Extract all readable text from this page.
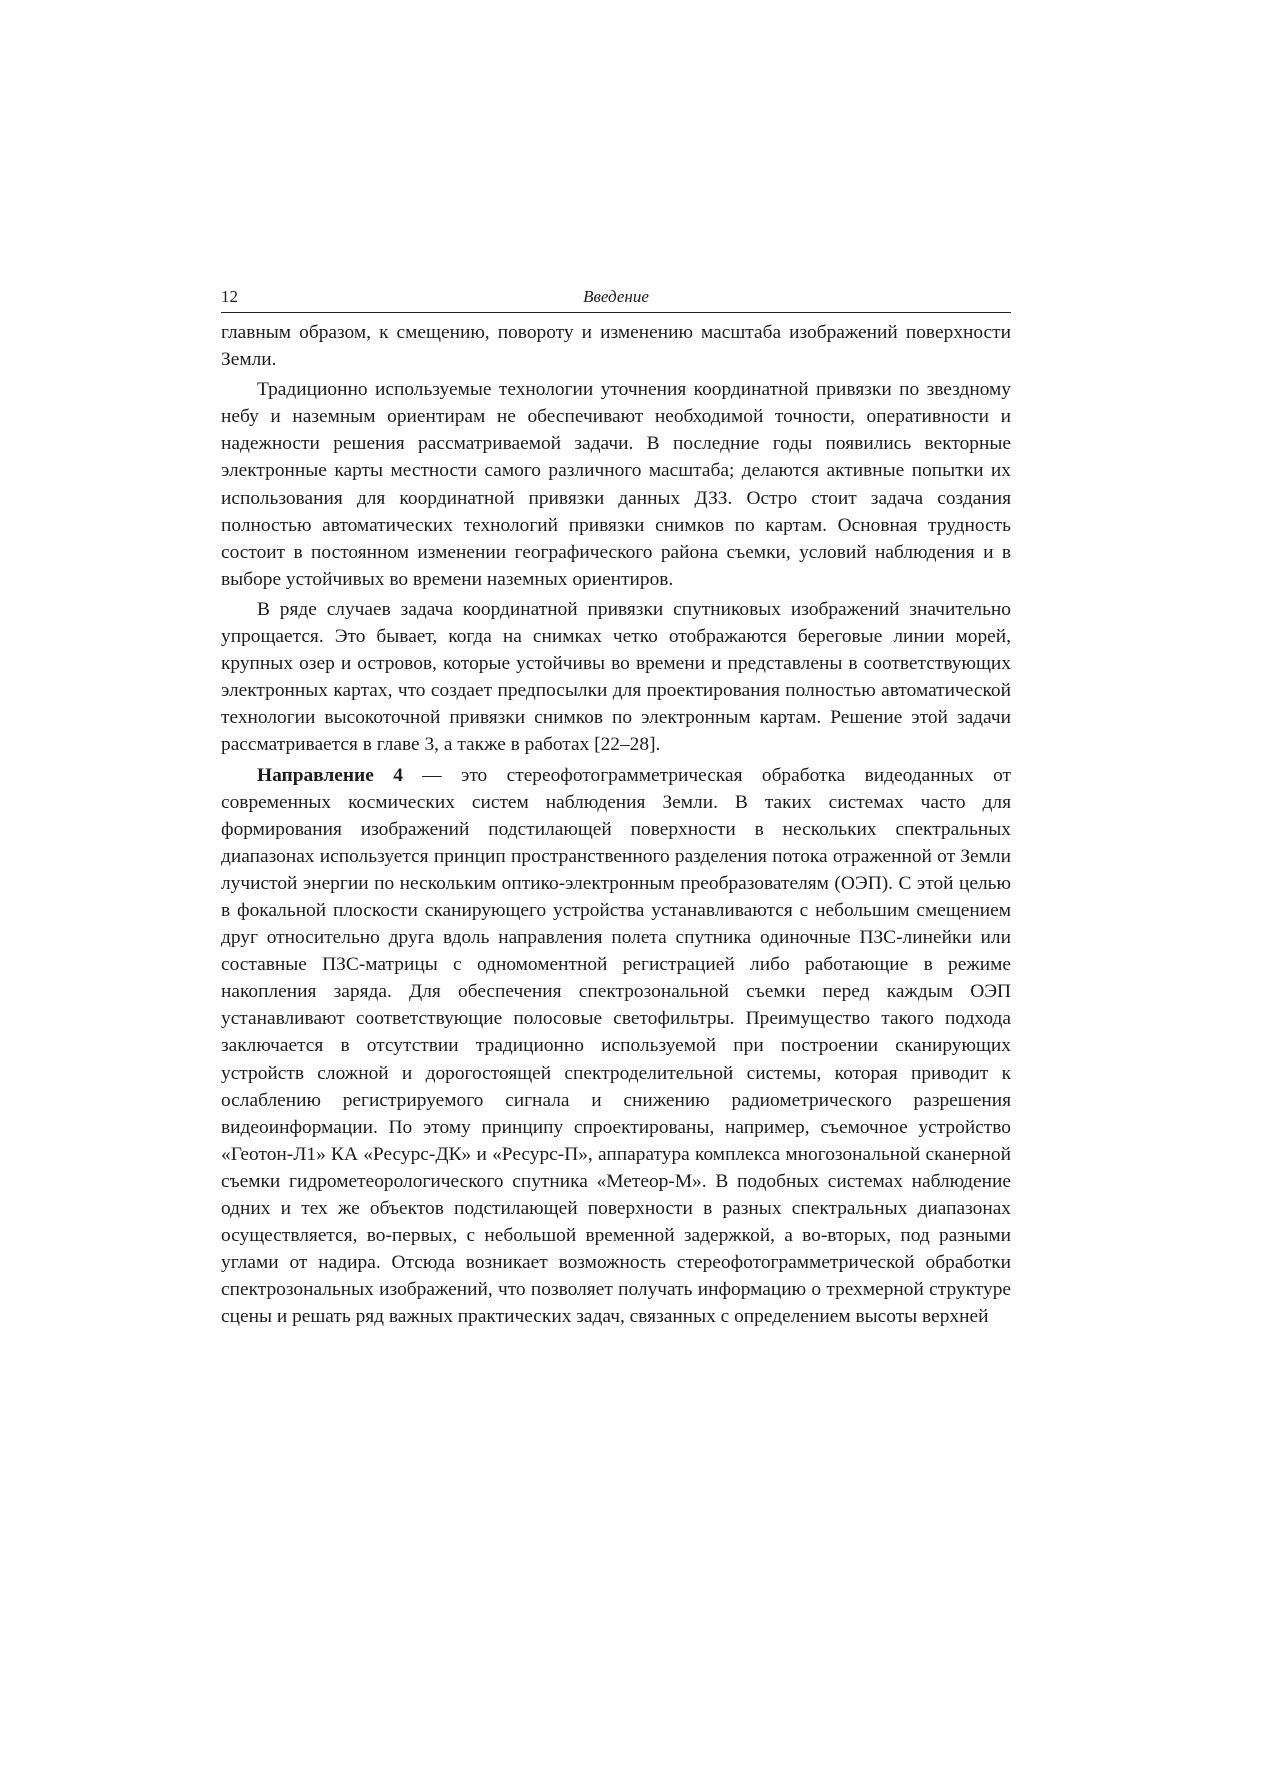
12	Введение

главным образом, к смещению, повороту и изменению масштаба изображений поверхности Земли.

Традиционно используемые технологии уточнения координатной привязки по звездному небу и наземным ориентирам не обеспечивают необходимой точности, оперативности и надежности решения рассматриваемой задачи. В последние годы появились векторные электронные карты местности самого различного масштаба; делаются активные попытки их использования для координатной привязки данных ДЗЗ. Остро стоит задача создания полностью автоматических технологий привязки снимков по картам. Основная трудность состоит в постоянном изменении географического района съемки, условий наблюдения и в выборе устойчивых во времени наземных ориентиров.

В ряде случаев задача координатной привязки спутниковых изображений значительно упрощается. Это бывает, когда на снимках четко отображаются береговые линии морей, крупных озер и островов, которые устойчивы во времени и представлены в соответствующих электронных картах, что создает предпосылки для проектирования полностью автоматической технологии высокоточной привязки снимков по электронным картам. Решение этой задачи рассматривается в главе 3, а также в работах [22–28].

Направление 4 — это стереофотограмметрическая обработка видеоданных от современных космических систем наблюдения Земли. В таких системах часто для формирования изображений подстилающей поверхности в нескольких спектральных диапазонах используется принцип пространственного разделения потока отраженной от Земли лучистой энергии по нескольким оптико-электронным преобразователям (ОЭП). С этой целью в фокальной плоскости сканирующего устройства устанавливаются с небольшим смещением друг относительно друга вдоль направления полета спутника одиночные ПЗС-линейки или составные ПЗС-матрицы с одномоментной регистрацией либо работающие в режиме накопления заряда. Для обеспечения спектрозональной съемки перед каждым ОЭП устанавливают соответствующие полосовые светофильтры. Преимущество такого подхода заключается в отсутствии традиционно используемой при построении сканирующих устройств сложной и дорогостоящей спектроделительной системы, которая приводит к ослаблению регистрируемого сигнала и снижению радиометрического разрешения видеоинформации. По этому принципу спроектированы, например, съемочное устройство «Геотон-Л1» КА «Ресурс-ДК» и «Ресурс-П», аппаратура комплекса многозональной сканерной съемки гидрометеорологического спутника «Метеор-М». В подобных системах наблюдение одних и тех же объектов подстилающей поверхности в разных спектральных диапазонах осуществляется, во-первых, с небольшой временной задержкой, а во-вторых, под разными углами от надира. Отсюда возникает возможность стереофотограмметрической обработки спектрозональных изображений, что позволяет получать информацию о трехмерной структуре сцены и решать ряд важных практических задач, связанных с определением высоты верхней
